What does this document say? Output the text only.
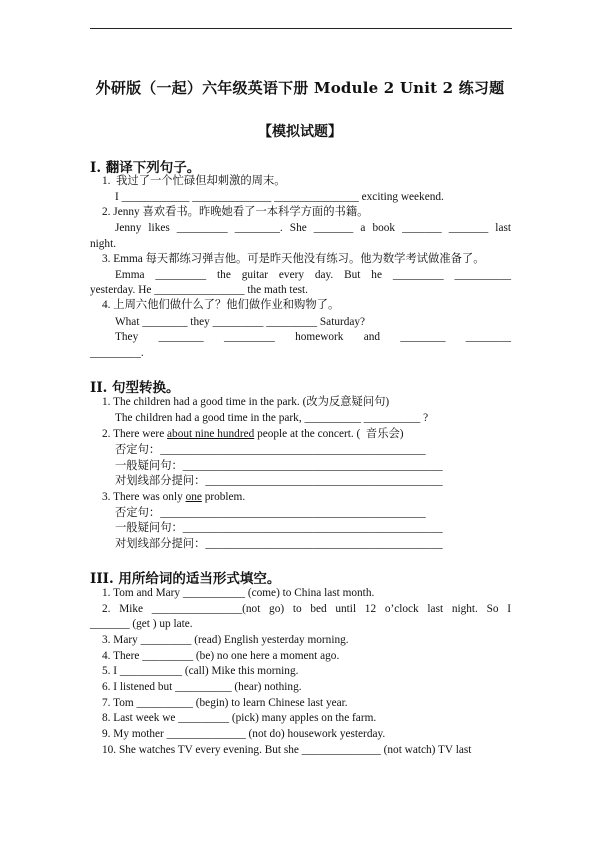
外研版（一起）六年级英语下册 Module 2 Unit 2 练习题
【模拟试题】
I. 翻译下列句子。
1.  我过了一个忙碌但却刺激的周末。
I ____________ ______________ _______________ exciting weekend.
2. Jenny 喜欢看书。昨晚她看了一本科学方面的书籍。
Jenny likes _________ ________. She _______ a book _______ _______ last
night.
3. Emma 每天都练习弹吉他。可是昨天他没有练习。他为数学考试做准备了。
Emma _________ the guitar every day. But he _________ __________
yesterday. He ________________ the math test.
4. 上周六他们做什么了？他们做作业和购物了。
What ________ they _________ _________ Saturday?
They ________ _________ homework and ________ ________
_________.
II. 句型转换。
1. The children had a good time in the park. (改为反意疑问句)
The children had a good time in the park, __________ __________ ?
2. There were about nine hundred people at the concert. (  音乐会)
否定句：_______________________________________________
一般疑问句：______________________________________________
对划线部分提问：__________________________________________
3. There was only one problem.
否定句：_______________________________________________
一般疑问句：______________________________________________
对划线部分提问：__________________________________________
III. 用所给词的适当形式填空。
1. Tom and Mary ___________ (come) to China last month.
2. Mike ________________(not go) to bed until 12 o’clock last night. So I
_______ (get ) up late.
3. Mary _________ (read) English yesterday morning.
4. There _________ (be) no one here a moment ago.
5. I ___________ (call) Mike this morning.
6. I listened but __________ (hear) nothing.
7. Tom __________ (begin) to learn Chinese last year.
8. Last week we _________ (pick) many apples on the farm.
9. My mother ______________ (not do) housework yesterday.
10. She watches TV every evening. But she ______________ (not watch) TV last
